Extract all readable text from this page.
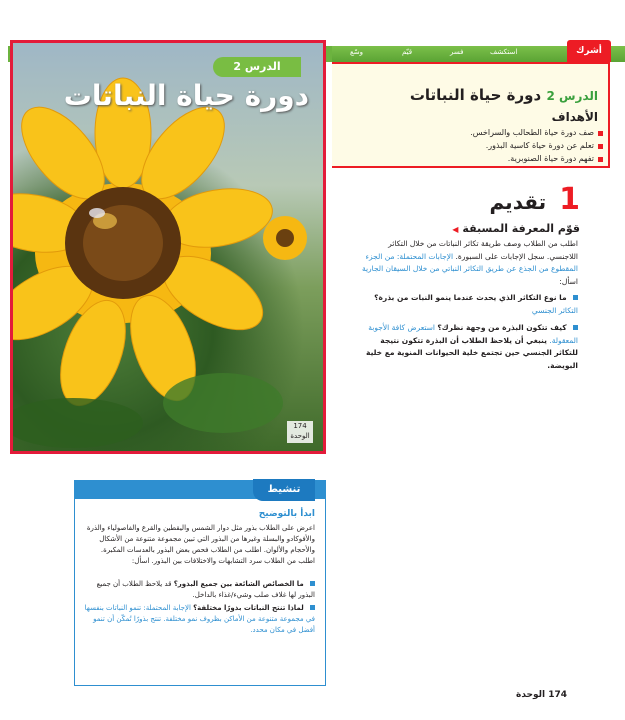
وسّع	قيّم	فسر	استكشف	أشرك
الدرس 2
دورة حياة النباتات
174
الوحدة
الدرس 2 دورة حياة النباتات
الأهداف
صف دورة حياة الطحالب والسراخس.
تعلم عن دورة حياة كاسية البذور.
تفهم دورة حياة الصنوبرية.
1 تقديم
قوّم المعرفة المسبقة ◀
اطلب من الطلاب وصف طريقة تكاثر النباتات من خلال التكاثر اللاجنسي. سجل الإجابات على السبورة. الإجابات المحتملة: من الجزء المقطوع من الجذع عن طريق التكاثر النباتي من خلال السيقان الجارية اسأل:
ما نوع التكاثر الذي يحدث عندما ينمو النبات من بذرة؟ التكاثر الجنسي
كيف تتكون البذرة من وجهة نظرك؟ استعرض كافة الأجوبة المعقولة. ينبغي أن يلاحظ الطلاب أن البذرة تتكون نتيجة للتكاثر الجنسي حين تجتمع خلية الحيوانات المنوية مع خلية البويضة.
تنشيط
ابدأ بالتوضيح
اعرض على الطلاب بذور مثل دوار الشمس واليقطين والقرع والفاصولياء والذرة والأفوكادو والبسلة وغيرها من البذور التي تبين مجموعة متنوعة من الأشكال والأحجام والألوان. اطلب من الطلاب فحص بعض البذور بالعدسات المكبرة. اطلب من الطلاب سرد التشابهات والاختلافات بين البذور. اسأل:
ما الخصائص الشائعة بين جميع البذور؟ قد يلاحظ الطلاب أن جميع البذور لها غلاف صلب وشيء/غذاء بالداخل.
لماذا تنتج النباتات بذورًا مختلفة؟ الإجابة المحتملة: تنمو النباتات بنفسها في مجموعة متنوعة من الأماكن بظروف نمو مختلفة. تنتج بذورًا تُمكّن أن تنمو أفضل في مكان محدد.
174 الوحدة
